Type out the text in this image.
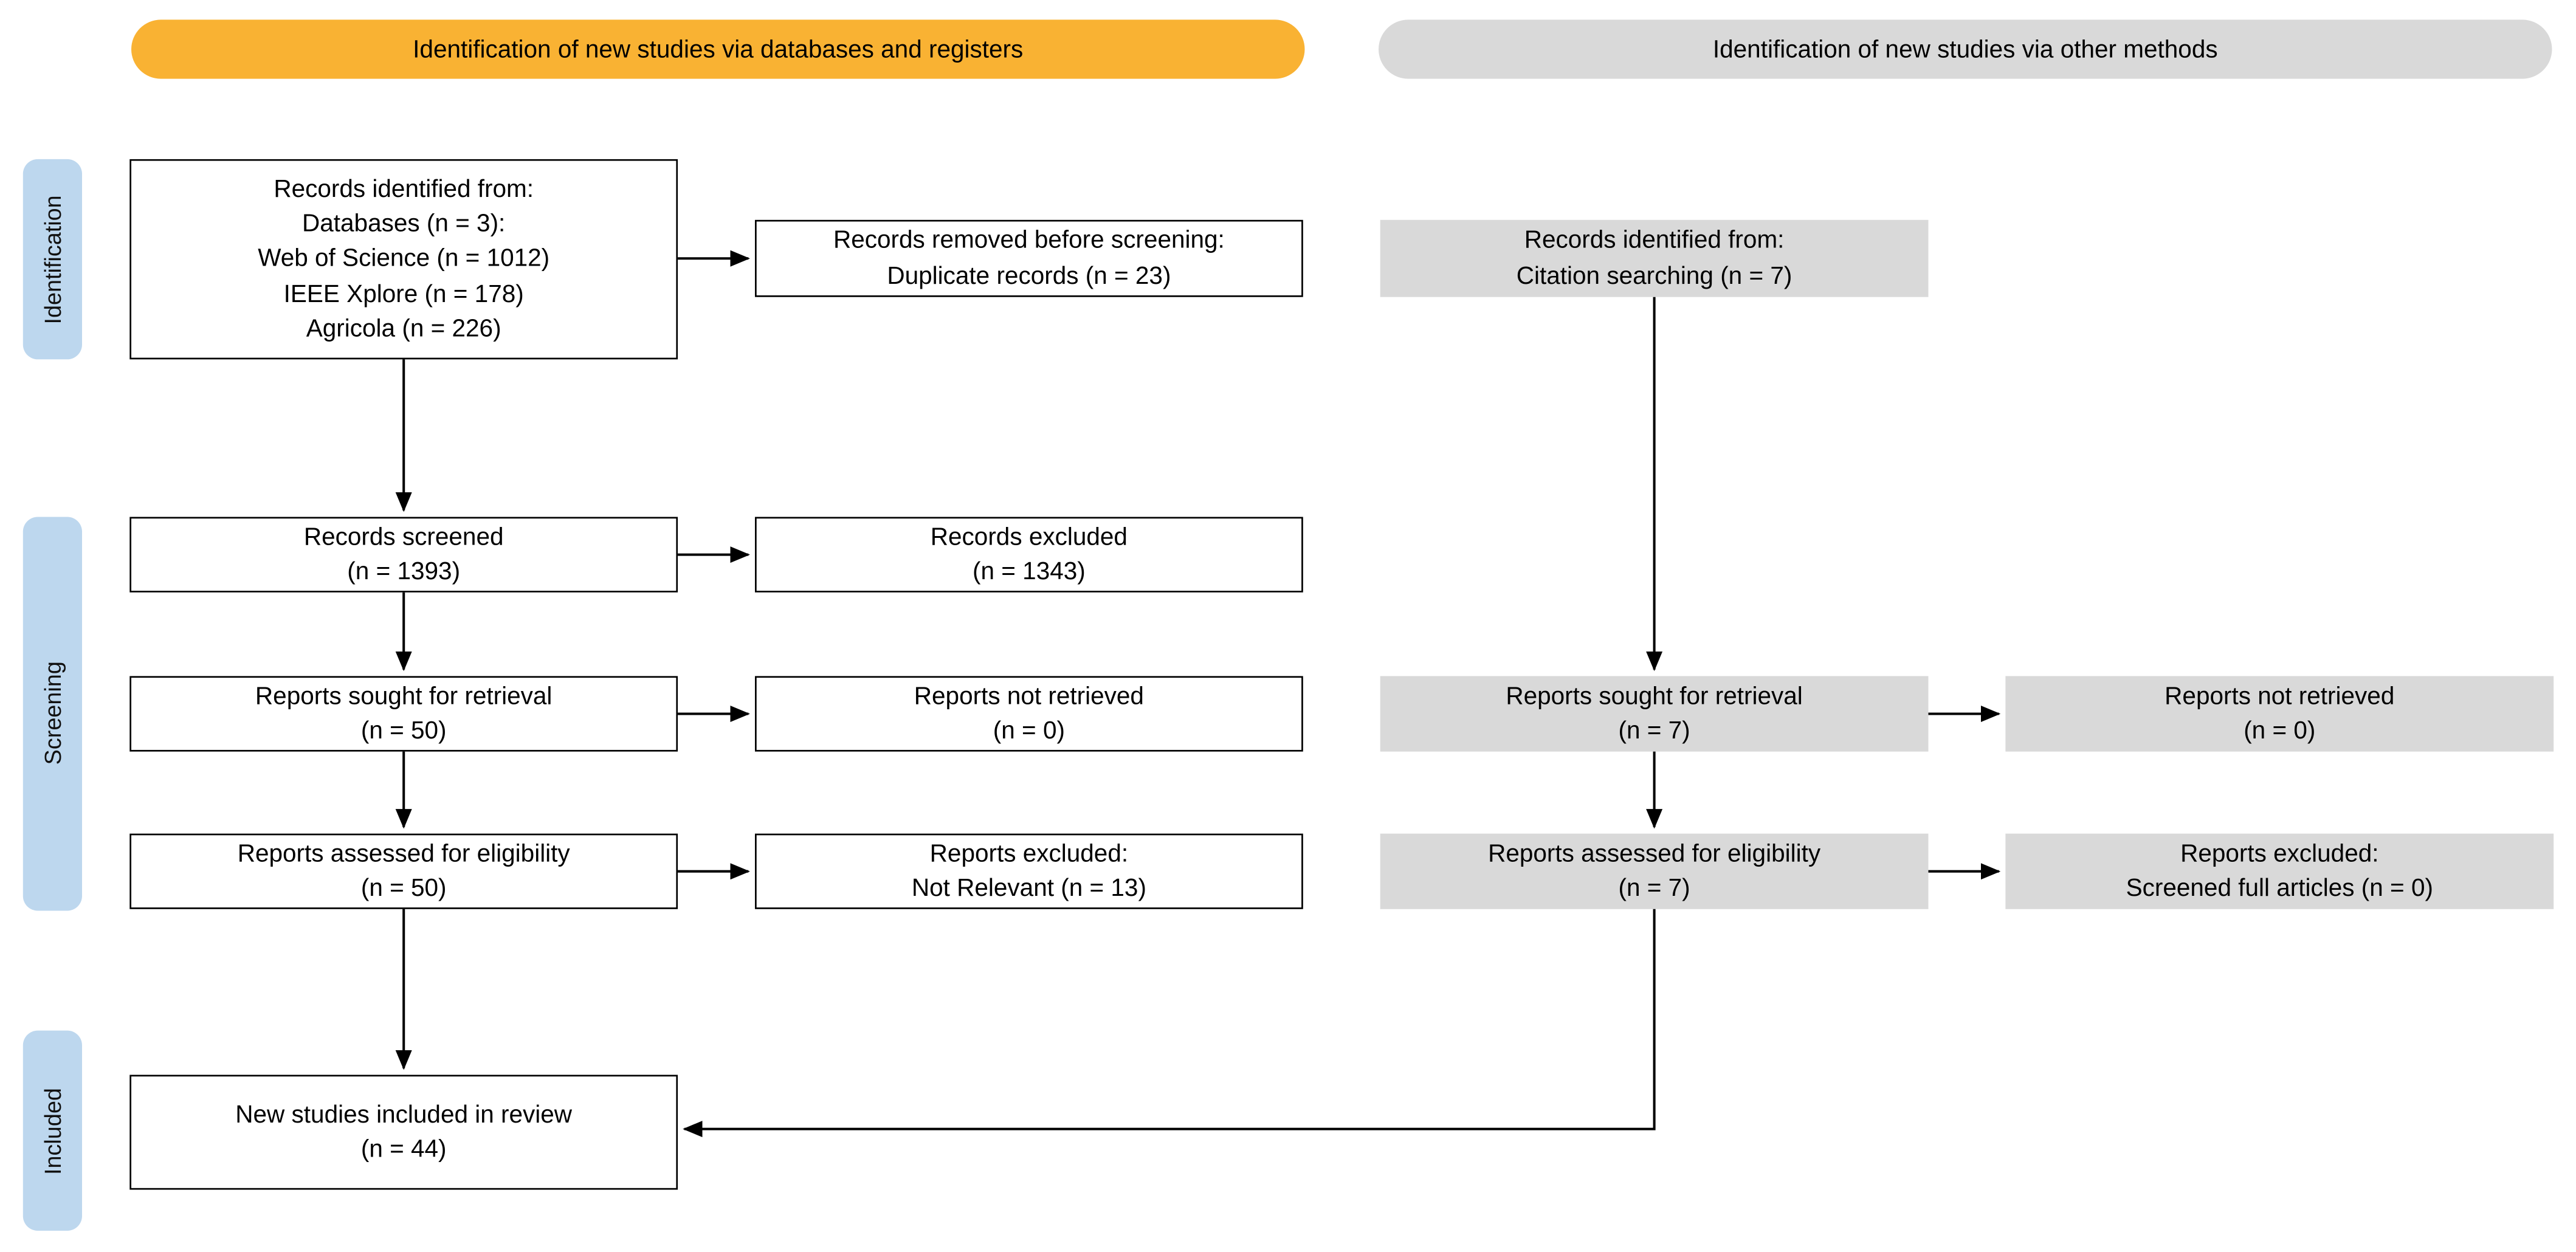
Identification of new studies via databases and registers	Identification of new studies via other methods
Identification
Screening
Included
Records identified from:
Databases (n = 3):
Web of Science (n = 1012)
IEEE Xplore (n = 178)
Agricola (n = 226)
Records screened
(n = 1393)
Reports sought for retrieval
(n = 50)
Reports assessed for eligibility
(n = 50)
New studies included in review
(n = 44)
Records removed before screening:
Duplicate records (n = 23)
Records excluded
(n = 1343)
Reports not retrieved
(n = 0)
Reports excluded:
Not Relevant (n = 13)
Records identified from:
Citation searching (n = 7)
Reports sought for retrieval
(n = 7)
Reports assessed for eligibility
(n = 7)
Reports not retrieved
(n = 0)
Reports excluded:
Screened full articles (n = 0)
